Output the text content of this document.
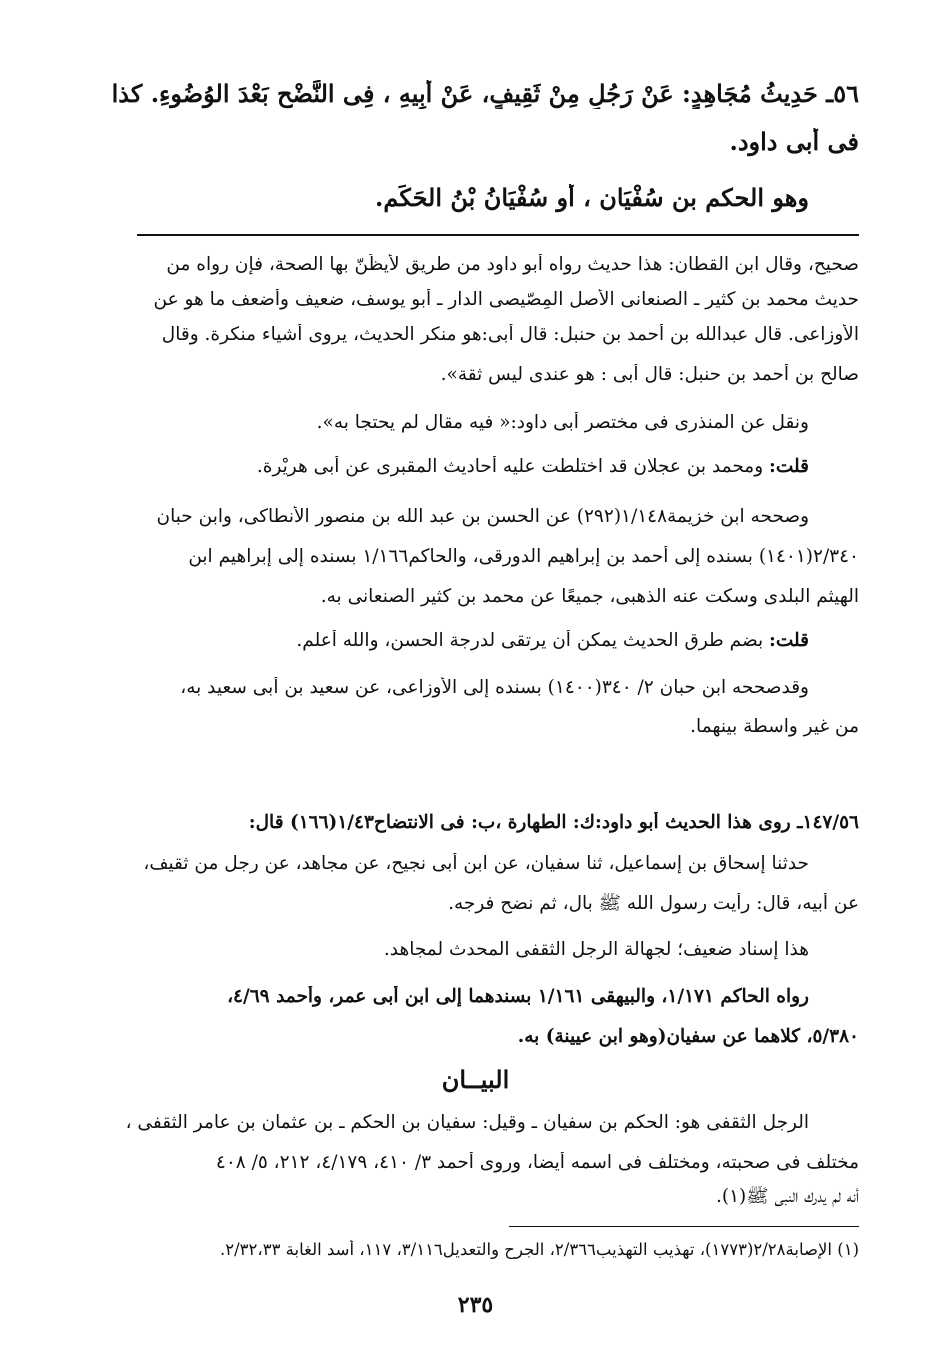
٥٦ـ حَدِيثُ مُجَاهِدٍ: عَنْ رَجُلٍ مِنْ ثَقِيفٍ، عَنْ أَبِيهِ ، فِى النَّضْحِ بَعْدَ الوُضُوءِ. كذا
فى أبى داود.
وهو الحكم بن سُفْيَان ، أو سُفْيَانُ بْنُ الحَكَم.
صحيح، وقال ابن القطان: هذا حديث رواه أبو داود من طريق لأُيظَنّ بها الصحة، فإن رواه من
حديث محمد بن كثير ـ الصنعانى الأصل المِصّيصى الدار ـ أبو يوسف، ضعيف وأضعف ما هو عن
الأوزاعى. قال عبدالله بن أحمد بن حنبل: قال أبى:هو منكر الحديث، يروى أشياء منكرة. وقال
صالح بن أحمد بن حنبل: قال أبى : هو عندى ليس ثقة».
ونقل عن المنذرى فى مختصر أبى داود:« فيه مقال لم يحتجا به».
قلت: ومحمد بن عجلان قد اختلطت عليه أحاديث المقبرى عن أبى هريْرة.
وصححه ابن خزيمة١/١٤٨(٢٩٢) عن الحسن بن عبد الله بن منصور الأنطاكى، وابن حبان
٢/٣٤٠(١٤٠١) بسنده إلى أحمد بن إبراهيم الدورقى، والحاكم١/١٦٦ بسنده إلى إبراهيم ابن
الهيثم البلدى وسكت عنه الذهبى، جميعًا عن محمد بن كثير الصنعانى به.
قلت: بضم طرق الحديث يمكن أن يرتقى لدرجة الحسن، والله أعلم.
وقدصححه ابن حبان ٢/ ٣٤٠(١٤٠٠) بسنده إلى الأوزاعى، عن سعيد بن أبى سعيد به،
من غير واسطة بينهما.
١٤٧/٥٦ـ روى هذا الحديث أبو داود:ك: الطهارة ،ب: فى الانتضاح١/٤٣(١٦٦) قال:
حدثنا إسحاق بن إسماعيل، ثنا سفيان، عن ابن أبى نجيح، عن مجاهد، عن رجل من ثقيف،
عن أبيه، قال: رأيت رسول الله ﷺ بال، ثم نضح فرجه.
هذا إسناد ضعيف؛ لجهالة الرجل الثقفى المحدث لمجاهد.
رواه الحاكم ١/١٧١، والبيهقى ١/١٦١ بسندهما إلى ابن أبى عمر، وأحمد ٤/٦٩،
٥/٣٨٠، كلاهما عن سفيان(وهو ابن عيينة) به.
البيــان
الرجل الثقفى هو: الحكم بن سفيان ـ وقيل: سفيان بن الحكم ـ بن عثمان بن عامر الثقفى ،
مختلف فى صحبته، ومختلف فى اسمه أيضا، وروى أحمد ٣/ ٤١٠، ٤/١٧٩، ٢١٢، ٥/ ٤٠٨
أنه لم يدرك النبى ﷺ(١).
(١) الإصابة٢/٢٨(١٧٧٣)، تهذيب التهذيب٢/٣٦٦، الجرح والتعديل٣/١١٦، ١١٧، أسد الغابة ٢/٣٢،٣٣.
٢٣٥
